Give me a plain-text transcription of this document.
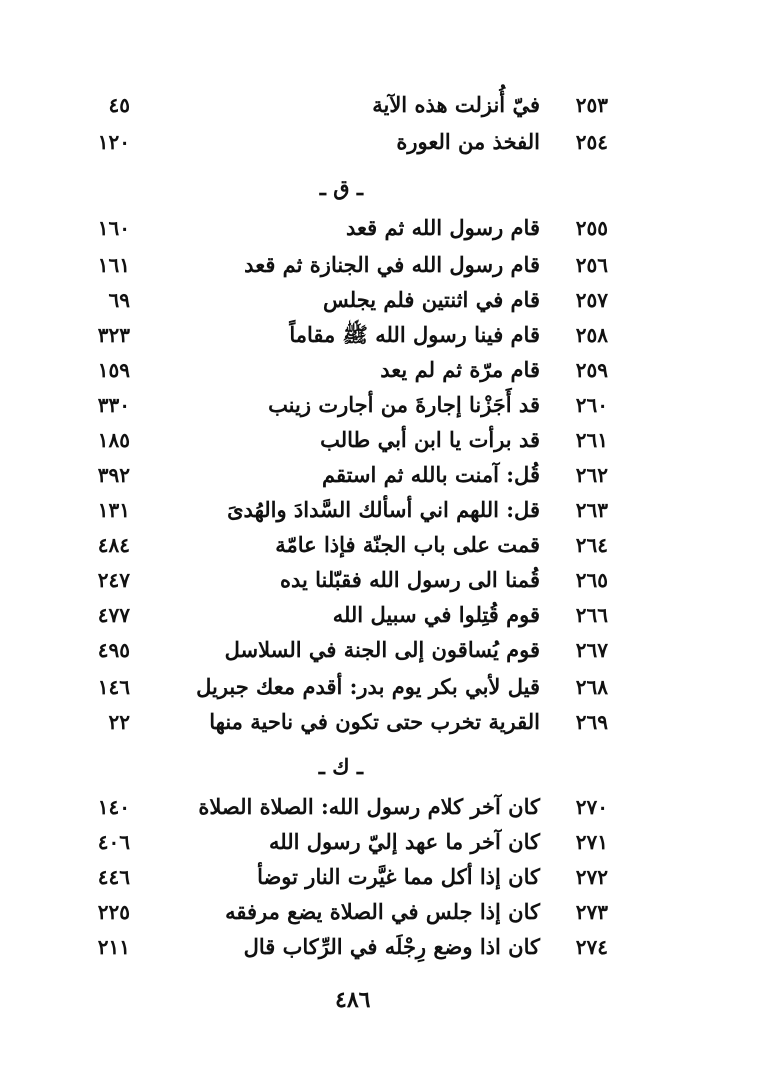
٢٥٣
فيّ أُنزلت هذه الآية
٤٥
٢٥٤
الفخذ من العورة
١٢٠
ـ ق ـ
٢٥٥
قام رسول الله ثم قعد
١٦٠
٢٥٦
قام رسول الله في الجنازة ثم قعد
١٦١
٢٥٧
قام في اثنتين فلم يجلس
٦٩
٢٥٨
قام فينا رسول الله ﷺ مقاماً
٣٢٣
٢٥٩
قام مرّة ثم لم يعد
١٥٩
٢٦٠
قد أَجَزْنا إجارةَ من أجارت زينب
٣٣٠
٢٦١
قد برأت يا ابن أبي طالب
١٨٥
٢٦٢
قُل: آمنت بالله ثم استقم
٣٩٢
٢٦٣
قل: اللهم اني أسألك السَّدادَ والهُدىَ
١٣١
٢٦٤
قمت على باب الجنّة فإذا عامّة
٤٨٤
٢٦٥
قُمنا الى رسول الله فقبّلنا يده
٢٤٧
٢٦٦
قوم قُتِلوا في سبيل الله
٤٧٧
٢٦٧
قوم يُساقون إلى الجنة في السلاسل
٤٩٥
٢٦٨
قيل لأبي بكر يوم بدر: أقدم معك جبريل
١٤٦
٢٦٩
القرية تخرب حتى تكون في ناحية منها
٢٢
ـ ك ـ
٢٧٠
كان آخر كلام رسول الله: الصلاة الصلاة
١٤٠
٢٧١
كان آخر ما عهد إليّ رسول الله
٤٠٦
٢٧٢
كان إذا أكل مما غيَّرت النار توضأ
٤٤٦
٢٧٣
كان إذا جلس في الصلاة يضع مرفقه
٢٢٥
٢٧٤
كان اذا وضع رِجْلَه في الرِّكاب قال
٢١١
٤٨٦
